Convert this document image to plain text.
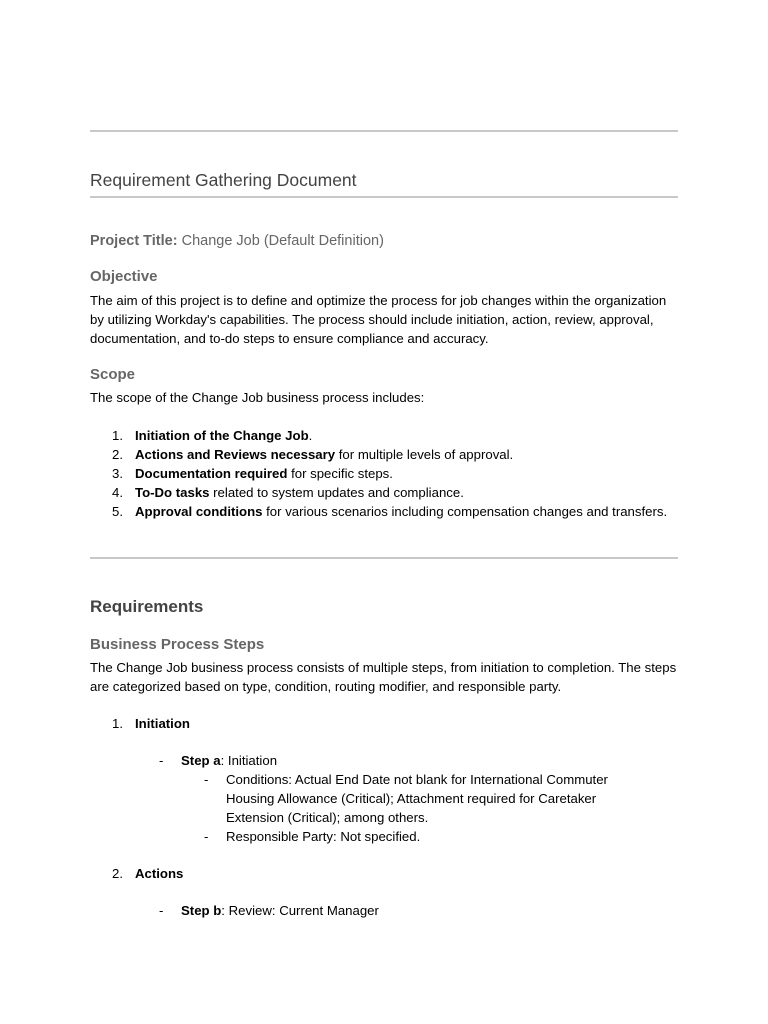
Requirement Gathering Document
Project Title: Change Job (Default Definition)
Objective
The aim of this project is to define and optimize the process for job changes within the organization by utilizing Workday's capabilities. The process should include initiation, action, review, approval, documentation, and to-do steps to ensure compliance and accuracy.
Scope
The scope of the Change Job business process includes:
1. Initiation of the Change Job.
2. Actions and Reviews necessary for multiple levels of approval.
3. Documentation required for specific steps.
4. To-Do tasks related to system updates and compliance.
5. Approval conditions for various scenarios including compensation changes and transfers.
Requirements
Business Process Steps
The Change Job business process consists of multiple steps, from initiation to completion. The steps are categorized based on type, condition, routing modifier, and responsible party.
1. Initiation
- Step a: Initiation
- Conditions: Actual End Date not blank for International Commuter Housing Allowance (Critical); Attachment required for Caretaker Extension (Critical); among others.
- Responsible Party: Not specified.
2. Actions
- Step b: Review: Current Manager
